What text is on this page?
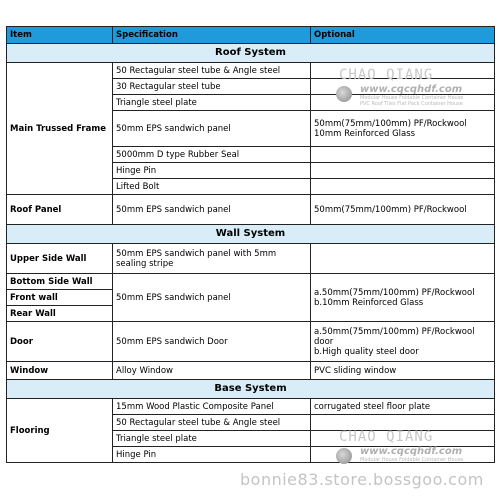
Item	Specification	Optional
Roof System		
Main Trussed Frame	50 Rectagular steel tube & Angle steel	
	30 Rectagular steel tube	
	Triangle steel plate	
	50mm EPS sandwich panel	50mm(75mm/100mm) PF/Rockwool
10mm Reinforced Glass
	5000mm D type Rubber Seal	
	Hinge Pin	
	Lifted Bolt	
Roof Panel	50mm EPS sandwich panel	50mm(75mm/100mm) PF/Rockwool
Wall System		
Upper Side Wall	50mm EPS sandwich panel with 5mm sealing stripe	
Bottom Side Wall	50mm EPS sandwich panel	a.50mm(75mm/100mm) PF/Rockwool
b.10mm Reinforced Glass
Front wall		
Rear Wall		
Door	50mm EPS sandwich Door	a.50mm(75mm/100mm) PF/Rockwool door
b.High quality steel door
Window	Alloy Window	PVC sliding window
Base System		
Flooring	15mm Wood Plastic Composite Panel	corrugated steel floor plate
	50 Rectagular steel tube & Angle steel	
	Triangle steel plate	
	Hinge Pin	
CHAO QIANG
www.cqcqhdf.com
Modular House Foldable Container House
PVC Roof Tiles Flat Pack Container House
CHAO QIANG
www.cqcqhdf.com
Modular House Foldable Container House
bonnie83.store.bossgoo.com
